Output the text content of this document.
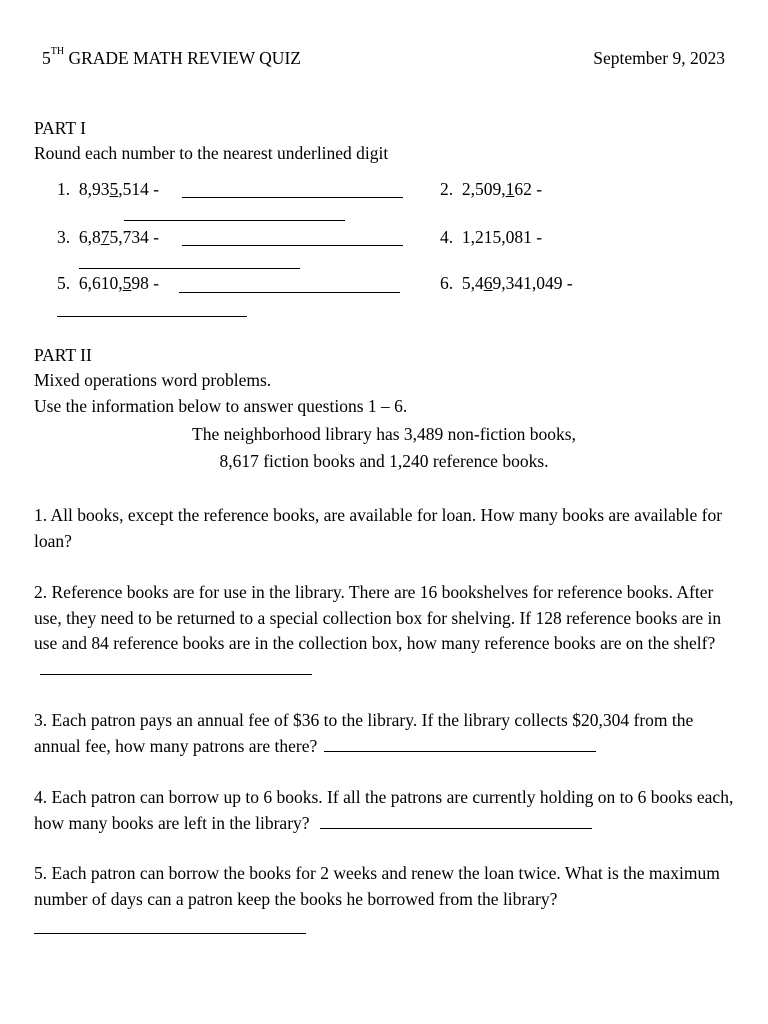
5TH GRADE MATH REVIEW QUIZ	September 9, 2023
PART I
Round each number to the nearest underlined digit
1. 8,935,514 -	2. 2,509,162 -
3. 6,875,734 -	4. 1,215,081 -
5. 6,610,598 -	6. 5,469,341,049 -
PART II
Mixed operations word problems.
Use the information below to answer questions 1 – 6.
The neighborhood library has 3,489 non-fiction books,
8,617 fiction books and 1,240 reference books.
1. All books, except the reference books, are available for loan. How many books are available for loan?
2. Reference books are for use in the library. There are 16 bookshelves for reference books. After use, they need to be returned to a special collection box for shelving. If 128 reference books are in use and 84 reference books are in the collection box, how many reference books are on the shelf?
3. Each patron pays an annual fee of $36 to the library. If the library collects $20,304 from the annual fee, how many patrons are there?
4. Each patron can borrow up to 6 books. If all the patrons are currently holding on to 6 books each, how many books are left in the library?
5. Each patron can borrow the books for 2 weeks and renew the loan twice. What is the maximum number of days can a patron keep the books he borrowed from the library?
